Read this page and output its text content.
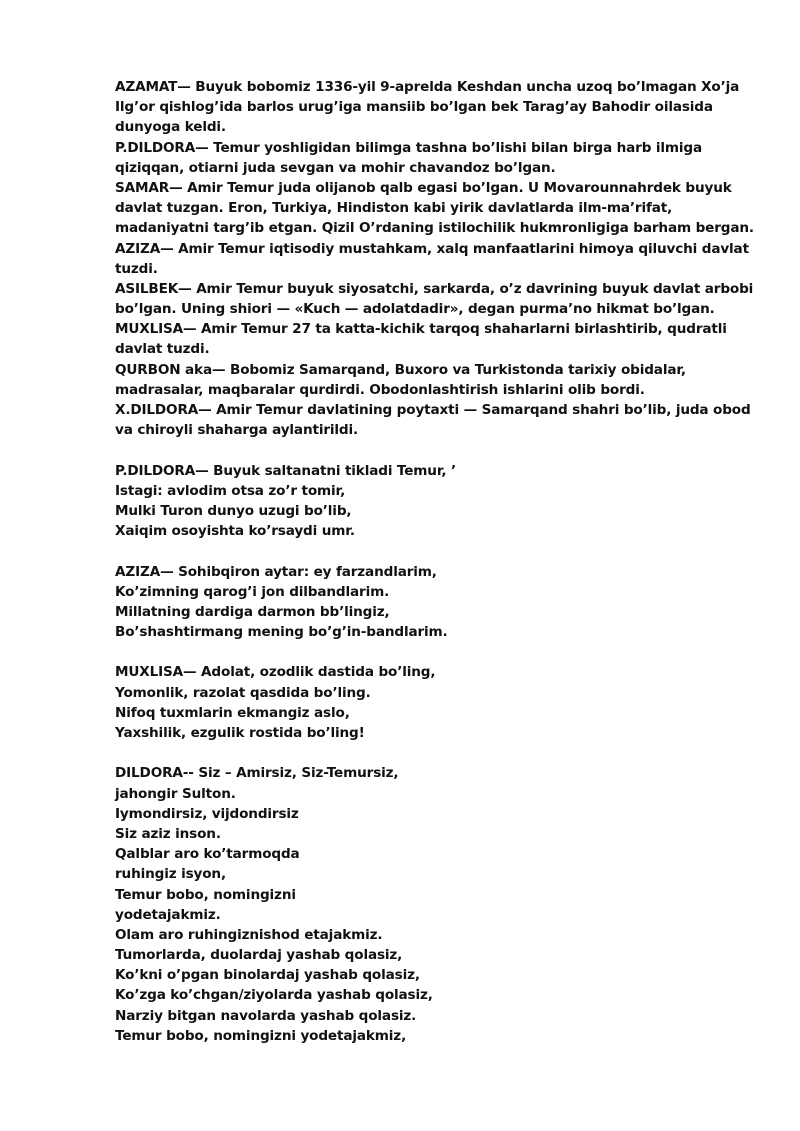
AZAMAT— Buyuk bobomiz 1336-yil 9-aprelda Keshdan uncha uzoq bo’lmagan Xo’ja
Ilg’or qishlog’ida barlos urug’iga mansiib bo’lgan bek Tarag’ay Bahodir oilasida
dunyoga keldi.
P.DILDORA— Temur yoshligidan bilimga tashna bo’lishi bilan birga harb ilmiga
qiziqqan, otiarni juda sevgan va mohir chavandoz bo’lgan.
SAMAR— Amir Temur juda olijanob qalb egasi bo’lgan. U Movarounnahrdek buyuk
davlat tuzgan. Eron, Turkiya, Hindiston kabi yirik davlatlarda ilm-ma’rifat,
madaniyatni targ’ib etgan. Qizil O’rdaning istilochilik hukmronligiga barham bergan.
AZIZA— Amir Temur iqtisodiy mustahkam, xalq manfaatlarini himoya qiluvchi davlat
tuzdi.
ASILBEK— Amir Temur buyuk siyosatchi, sarkarda, o’z davrining buyuk davlat arbobi
bo’lgan. Uning shiori — «Kuch — adolatdadir», degan purma’no hikmat bo’lgan.
MUXLISA— Amir Temur 27 ta katta-kichik tarqoq shaharlarni birlashtirib, qudratli
davlat tuzdi.
QURBON aka— Bobomiz Samarqand, Buxoro va Turkistonda tarixiy obidalar,
madrasalar, maqbaralar qurdirdi. Obodonlashtirish ishlarini olib bordi.
X.DILDORA— Amir Temur davlatining poytaxti — Samarqand shahri bo’lib, juda obod
va chiroyli shaharga aylantirildi.
P.DILDORA— Buyuk saltanatni tikladi Temur, ’
Istagi: avlodim otsa zo’r tomir,
Mulki Turon dunyo uzugi bo’lib,
Xaiqim osoyishta ko’rsaydi umr.
AZIZA— Sohibqiron aytar: ey farzandlarim,
Ko’zimning qarog’i jon dilbandlarim.
Millatning dardiga darmon bb’lingiz,
Bo’shashtirmang mening bo’g’in-bandlarim.
MUXLISA— Adolat, ozodlik dastida bo’ling,
Yomonlik, razolat qasdida bo’ling.
Nifoq tuxmlarin ekmangiz aslo,
Yaxshilik, ezgulik rostida bo’ling!
DILDORA-- Siz – Amirsiz, Siz-Temursiz,
jahongir Sulton.
Iymondirsiz, vijdondirsiz
Siz aziz inson.
Qalblar aro ko’tarmoqda
ruhingiz isyon,
Temur bobo, nomingizni
yodetajakmiz.
Olam aro ruhingiznishod etajakmiz.
Tumorlarda, duolardaj yashab qolasiz,
Ko’kni o’pgan binolardaj yashab qolasiz,
Ko’zga ko’chgan/ziyolarda yashab qolasiz,
Narziy bitgan navolarda yashab qolasiz.
Temur bobo, nomingizni yodetajakmiz,
